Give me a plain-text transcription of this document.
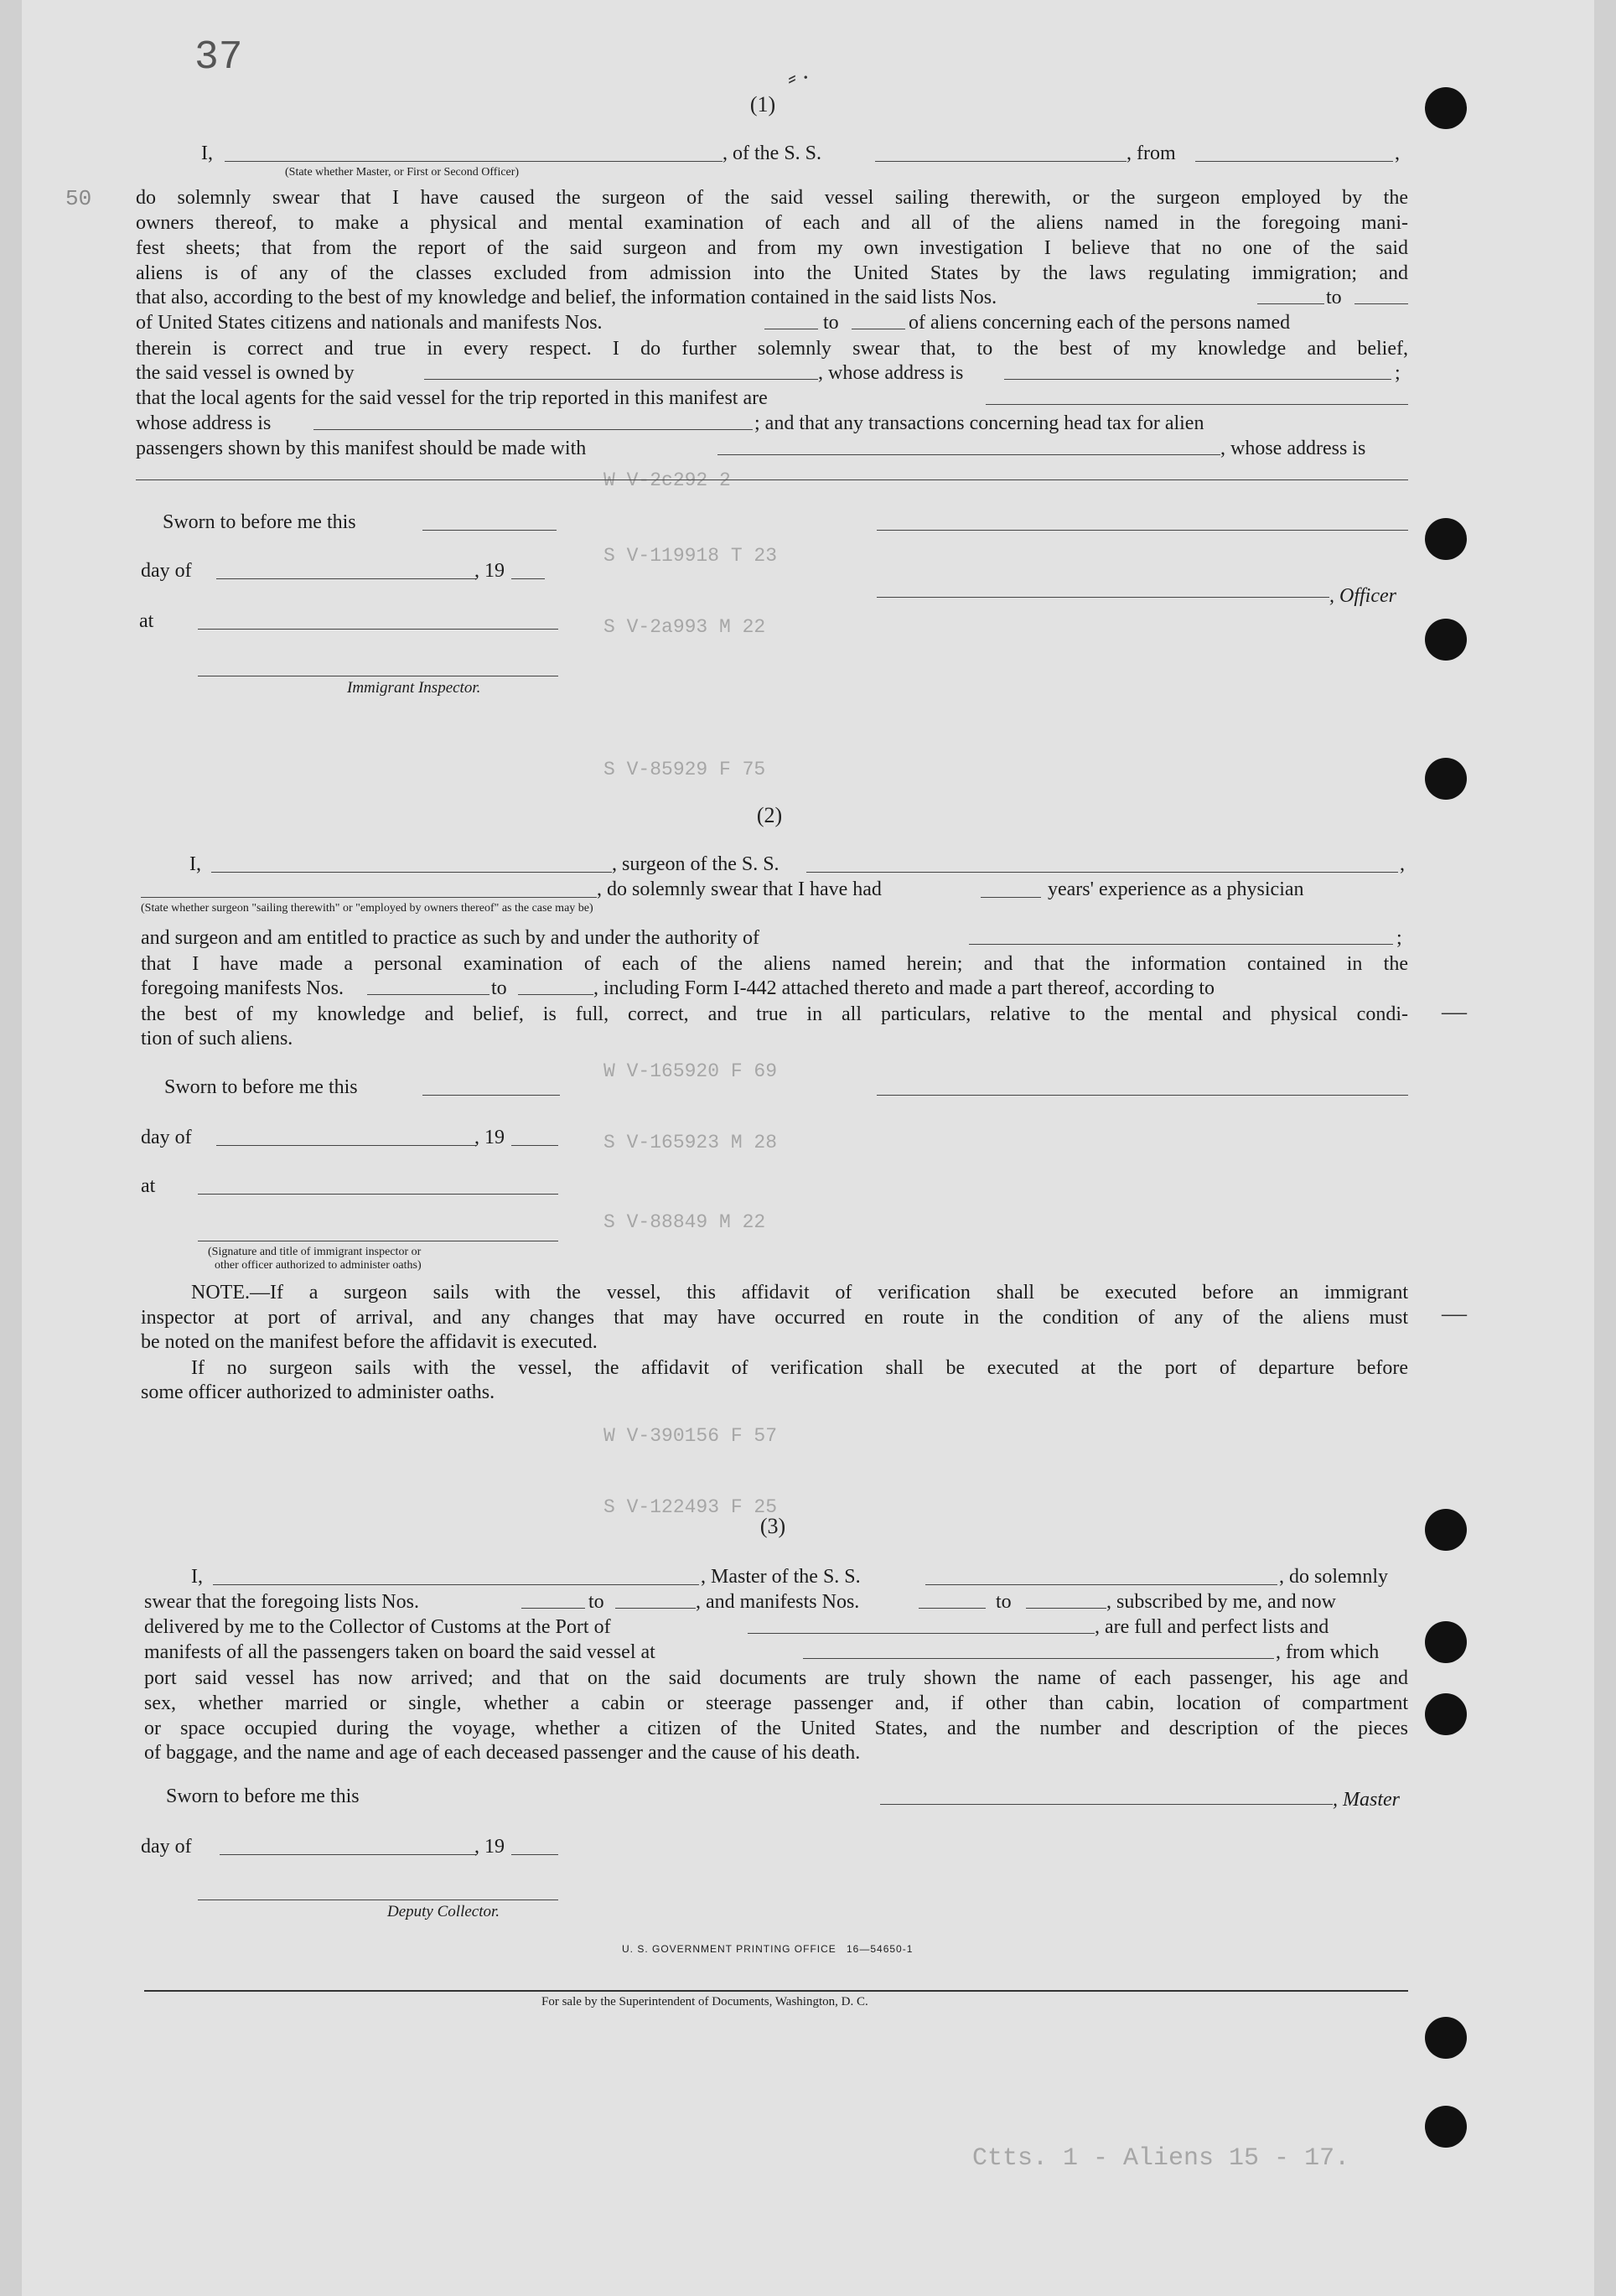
W V-2c292 2
S V-119918 T 23
S V-2a993 M 22
S V-85929 F 75
W V-165920 F 69
S V-165923 M 28
S V-88849 M 22
W V-390156 F 57
S V-122493 F 25
Ctts. 1 - Aliens 15 - 17.
37
50
⸗ ∙
—
—
(1)
I,	, of the S. S.	, from	,
(State whether Master, or First or Second Officer)
do solemnly swear that I have caused the surgeon of the said vessel sailing therewith, or the surgeon employed by the
owners thereof, to make a physical and mental examination of each and all of the aliens named in the foregoing mani-
fest sheets; that from the report of the said surgeon and from my own investigation I believe that no one of the said
aliens is of any of the classes excluded from admission into the United States by the laws regulating immigration; and
that also, according to the best of my knowledge and belief, the information contained in the said lists Nos.	to
of United States citizens and nationals and manifests Nos.	to	of aliens concerning each of the persons named
therein is correct and true in every respect. I do further solemnly swear that, to the best of my knowledge and belief,
the said vessel is owned by	, whose address is	;
that the local agents for the said vessel for the trip reported in this manifest are
whose address is	; and that any transactions concerning head tax for alien
passengers shown by this manifest should be made with	, whose address is
Sworn to before me this
day of	, 19
, Officer
at
Immigrant Inspector.
(2)
I,	, surgeon of the S. S.	,
, do solemnly swear that I have had	years' experience as a physician
(State whether surgeon "sailing therewith" or "employed by owners thereof" as the case may be)
and surgeon and am entitled to practice as such by and under the authority of	;
that I have made a personal examination of each of the aliens named herein; and that the information contained in the
foregoing manifests Nos.	to	, including Form I-442 attached thereto and made a part thereof, according to
the best of my knowledge and belief, is full, correct, and true in all particulars, relative to the mental and physical condi-
tion of such aliens.
Sworn to before me this
day of	, 19
at
(Signature and title of immigrant inspector or
other officer authorized to administer oaths)
NOTE.—If a surgeon sails with the vessel, this affidavit of verification shall be executed before an immigrant
inspector at port of arrival, and any changes that may have occurred en route in the condition of any of the aliens must
be noted on the manifest before the affidavit is executed.
If no surgeon sails with the vessel, the affidavit of verification shall be executed at the port of departure before
some officer authorized to administer oaths.
(3)
I,	, Master of the S. S.	, do solemnly
swear that the foregoing lists Nos.	to	, and manifests Nos.	to	, subscribed by me, and now
delivered by me to the Collector of Customs at the Port of	, are full and perfect lists and
manifests of all the passengers taken on board the said vessel at	, from which
port said vessel has now arrived; and that on the said documents are truly shown the name of each passenger, his age and
sex, whether married or single, whether a cabin or steerage passenger and, if other than cabin, location of compartment
or space occupied during the voyage, whether a citizen of the United States, and the number and description of the pieces
of baggage, and the name and age of each deceased passenger and the cause of his death.
Sworn to before me this	, Master
day of	, 19
Deputy Collector.
U. S. GOVERNMENT PRINTING OFFICE 16—54650-1
For sale by the Superintendent of Documents, Washington, D. C.
